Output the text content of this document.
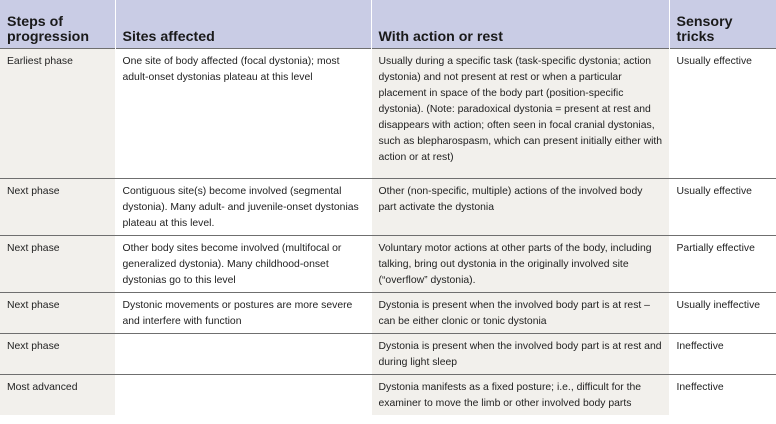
Steps of progression	Sites affected	With action or rest	Sensory tricks
Earliest phase	One site of body affected (focal dystonia); most adult-onset dystonias plateau at this level	Usually during a specific task (task-specific dystonia; action dystonia) and not present at rest or when a particular placement in space of the body part (position-specific dystonia). (Note: paradoxical dystonia = present at rest and disappears with action; often seen in focal cranial dystonias, such as blepharospasm, which can present initially either with action or at rest)	Usually effective
Next phase	Contiguous site(s) become involved (segmental dystonia). Many adult- and juvenile-onset dystonias plateau at this level.	Other (non-specific, multiple) actions of the involved body part activate the dystonia	Usually effective
Next phase	Other body sites become involved (multifocal or generalized dystonia). Many childhood-onset dystonias go to this level	Voluntary motor actions at other parts of the body, including talking, bring out dystonia in the originally involved site (“overflow” dystonia).	Partially effective
Next phase	Dystonic movements or postures are more severe and interfere with function	Dystonia is present when the involved body part is at rest – can be either clonic or tonic dystonia	Usually ineffective
Next phase		Dystonia is present when the involved body part is at rest and during light sleep	Ineffective
Most advanced		Dystonia manifests as a fixed posture; i.e., difficult for the examiner to move the limb or other involved body parts	Ineffective
